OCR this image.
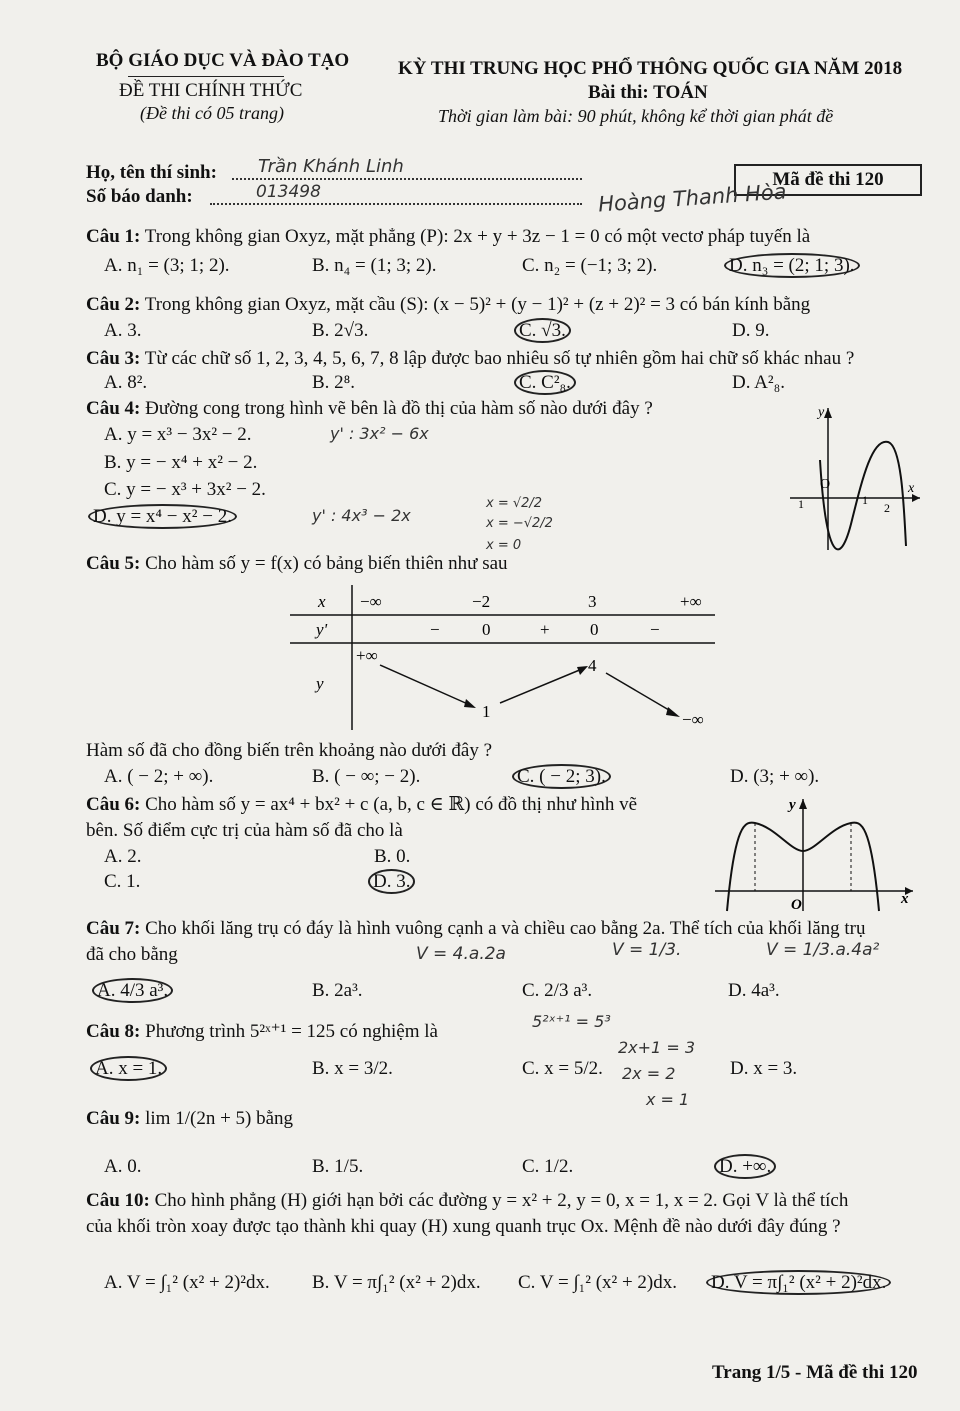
BỘ GIÁO DỤC VÀ ĐÀO TẠO
ĐỀ THI CHÍNH THỨC
(Đề thi có 05 trang)
KỲ THI TRUNG HỌC PHỔ THÔNG QUỐC GIA NĂM 2018
Bài thi: TOÁN
Thời gian làm bài: 90 phút, không kể thời gian phát đề
Họ, tên thí sinh: Trần Khánh Linh
Số báo danh:	013498
Mã đề thi 120
Hoàng Thanh Hòa
Câu 1: Trong không gian Oxyz, mặt phẳng (P): 2x + y + 3z − 1 = 0 có một vectơ pháp tuyến là
A. n₁ = (3; 1; 2).	B. n₄ = (1; 3; 2).	C. n₂ = (−1; 3; 2).	D. n₃ = (2; 1; 3).
Câu 2: Trong không gian Oxyz, mặt cầu (S): (x − 5)² + (y − 1)² + (z + 2)² = 3 có bán kính bằng
A. 3.	B. 2√3.	C. √3.	D. 9.
Câu 3: Từ các chữ số 1, 2, 3, 4, 5, 6, 7, 8 lập được bao nhiêu số tự nhiên gồm hai chữ số khác nhau ?
A. 8².	B. 2⁸.	C. C²₈.	D. A²₈.
Câu 4: Đường cong trong hình vẽ bên là đồ thị của hàm số nào dưới đây ?
A. y = x³ − 3x² − 2.
B. y = − x⁴ + x² − 2.
C. y = − x³ + 3x² − 2.
D. y = x⁴ − x² − 2.
y' : 3x² − 6x
y' : 4x³ − 2x
x = √2/2
x = −√2/2
x = 0
y
x
O
1	1
2
Câu 5: Cho hàm số y = f(x) có bảng biến thiên như sau
x −∞	−2	3	+∞
y'	− 0	+ 0	−
y
+∞
1
4
−∞
Hàm số đã cho đồng biến trên khoảng nào dưới đây ?
A. ( − 2; + ∞).	B. ( − ∞; − 2).	C. ( − 2; 3).	D. (3; + ∞).
Câu 6: Cho hàm số y = ax⁴ + bx² + c (a, b, c ∈ ℝ) có đồ thị như hình vẽ
bên. Số điểm cực trị của hàm số đã cho là
A. 2.	B. 0.
C. 1.	D. 3.
y
x
O
Câu 7: Cho khối lăng trụ có đáy là hình vuông cạnh a và chiều cao bằng 2a. Thể tích của khối lăng trụ
đã cho bằng	V = 4.a.2a	V = 1/3.	V = 1/3.a.4a²
A. 4/3 a³.	B. 2a³.	C. 2/3 a³.	D. 4a³.
Câu 8: Phương trình 5²ˣ⁺¹ = 125 có nghiệm là	5²ˣ⁺¹ = 5³
2x+1 = 3
2x = 2
x = 1
A. x = 1.	B. x = 3/2.	C. x = 5/2.	D. x = 3.
Câu 9: lim 1/(2n + 5) bằng
A. 0.	B. 1/5.	C. 1/2.	D. +∞.
Câu 10: Cho hình phẳng (H) giới hạn bởi các đường y = x² + 2, y = 0, x = 1, x = 2. Gọi V là thể tích
của khối tròn xoay được tạo thành khi quay (H) xung quanh trục Ox. Mệnh đề nào dưới đây đúng ?
A. V = ∫₁² (x² + 2)²dx. B. V = π∫₁² (x² + 2)dx. C. V = ∫₁² (x² + 2)dx. D. V = π∫₁² (x² + 2)²dx.
Trang 1/5 - Mã đề thi 120
